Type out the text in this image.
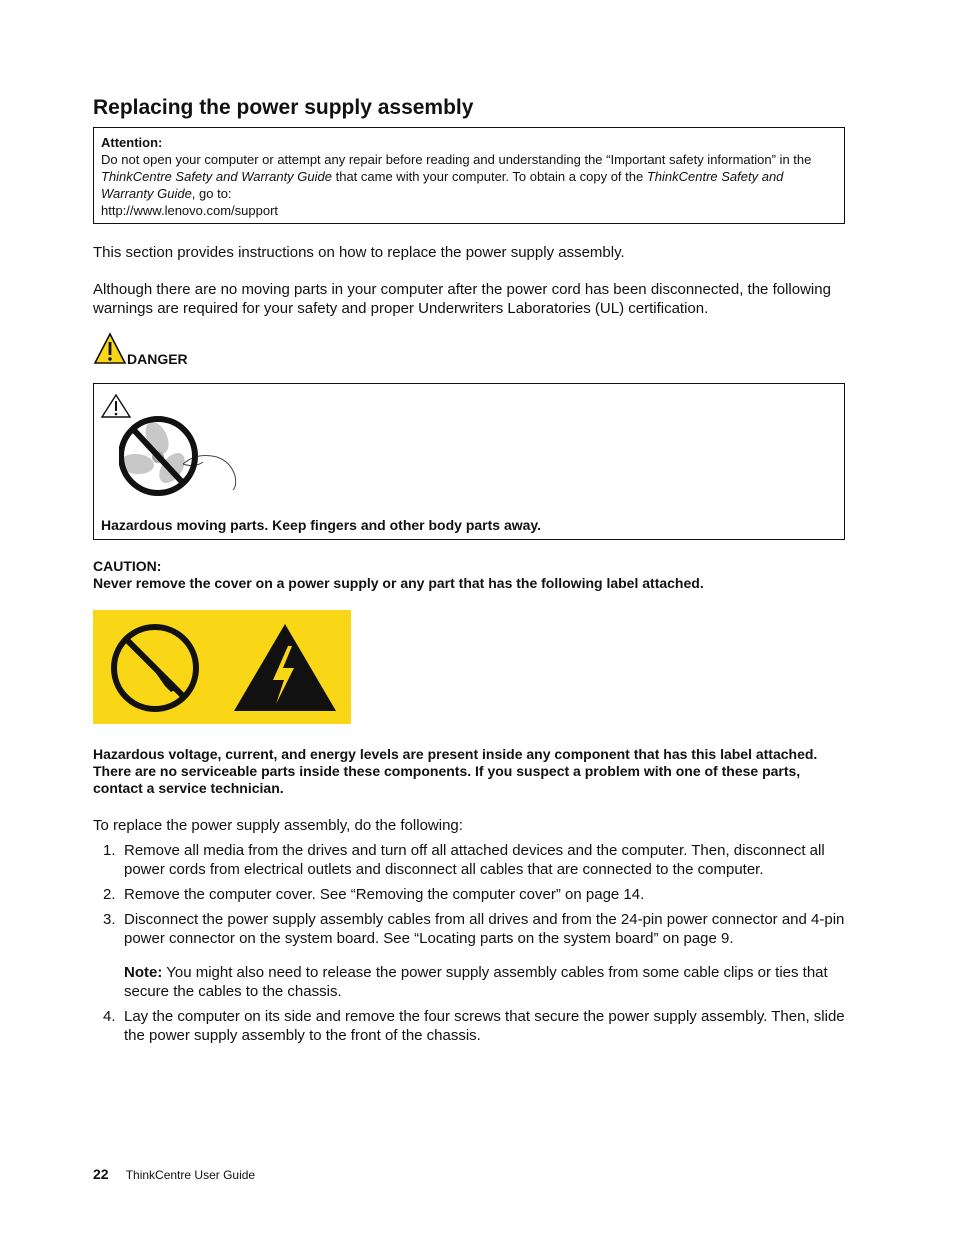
Replacing the power supply assembly
Attention:
Do not open your computer or attempt any repair before reading and understanding the “Important safety information” in the ThinkCentre Safety and Warranty Guide that came with your computer. To obtain a copy of the ThinkCentre Safety and Warranty Guide, go to:
http://www.lenovo.com/support

This section provides instructions on how to replace the power supply assembly.

Although there are no moving parts in your computer after the power cord has been disconnected, the following warnings are required for your safety and proper Underwriters Laboratories (UL) certification.

DANGER
Hazardous moving parts. Keep fingers and other body parts away.
CAUTION:
Never remove the cover on a power supply or any part that has the following label attached.

Hazardous voltage, current, and energy levels are present inside any component that has this label attached. There are no serviceable parts inside these components. If you suspect a problem with one of these parts, contact a service technician.

To replace the power supply assembly, do the following:

1. Remove all media from the drives and turn off all attached devices and the computer. Then, disconnect all power cords from electrical outlets and disconnect all cables that are connected to the computer.
2. Remove the computer cover. See “Removing the computer cover” on page 14.
3. Disconnect the power supply assembly cables from all drives and from the 24-pin power connector and 4-pin power connector on the system board. See “Locating parts on the system board” on page 9.
Note: You might also need to release the power supply assembly cables from some cable clips or ties that secure the cables to the chassis.
4. Lay the computer on its side and remove the four screws that secure the power supply assembly. Then, slide the power supply assembly to the front of the chassis.
22 ThinkCentre User Guide
